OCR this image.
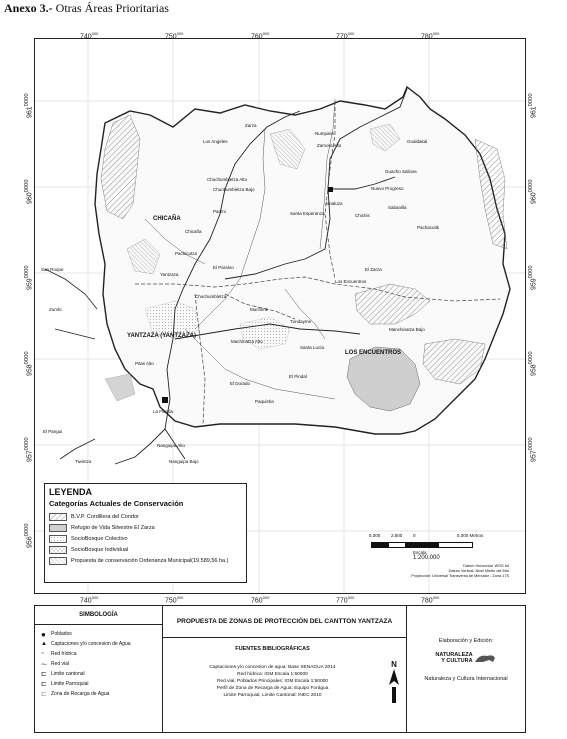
Anexo 3.- Otras Áreas Prioritarias
CHICAÑA
YANTZAZA (YANTZAZA)
LOS ENCUENTROS
Nuevo Progreso
Gualdakal
Zamora Alto
Guacho Salinas
Amaluza
Pachacutik
Santa Esperanza	Chichis
Sabanilla
Chuchumbletza Alto
Chuchumbletza Bajo
Los Angeles
Chicaña
El Paraíso
Yantzaza
Muchime
Tundayme
Los Encuentros
El Pindal
Paquisha
Manchinatza Bajo
San Roque
Zumbi
Nanguipa Alto
Nanguipa Bajo
La Florida
Santa Lucía
El Dorado
Pitas Alto
El Pangui
Machinatza Alto
Pachicutza
Chuchumbletza
Zarza
Numpaim
Padmi
El Zarza
Tiwintza
LEYENDA
Categorías Actuales de Conservación
B.V.P. Cordillera del Condor
Refugio de Vida Silvestre El Zarza
SocioBosque Colectivo
SocioBosque Individual
Propuesta de conservación Ordenanza Municipal(19.589,56 ha.)
5.000 2.500 0	5.000 Metros
Escala
1:200.000
Datum Horizontal: WGS 84
Datum Vertical: Nivel Medio del Mar
Proyección: Universal Transversa de Mercator - Zona 17S
$740^{000}$	$750^{000}$	$760^{000}$	$770^{000}$	$780^{000}$
$740^{000}$	$750^{000}$	$760^{000}$	$770^{000}$	$780^{000}$
$961^{0000}$
$960^{0000}$
$959^{0000}$
$958^{0000}$
$957^{0000}$
$956^{0000}$
$961^{0000}$
$960^{0000}$
$959^{0000}$
$958^{0000}$
$957^{0000}$
SIMBOLOGÍA
●	Poblados
▲ Captaciones y/o concesion de Agua
≈	Red hídrica
⁓ Red vial
⊏ Limite cantonal
⊏ Limite Parroquial
⊏ Zona de Recarga de Agua
PROPUESTA DE ZONAS DE PROTECCIÓN DEL CANTTON YANTZAZA
FUENTES BIBLIOGRÁFICAS
Captaciones y/o concesion de agua: Base SENAGUA 2014
Red hídrica: IGM Escala 1:50000
Red vial, Poblados Principales: IGM Escala 1:50000
Perfil de Zona de Recarga de Agua: Equipo Forágua
Limite Parroquial, Limite Cantonal: INEC 2010
N
Elaboración y Edición:
NATURALEZA
Y CULTURA
Naturaleza y Cultura Internacional
